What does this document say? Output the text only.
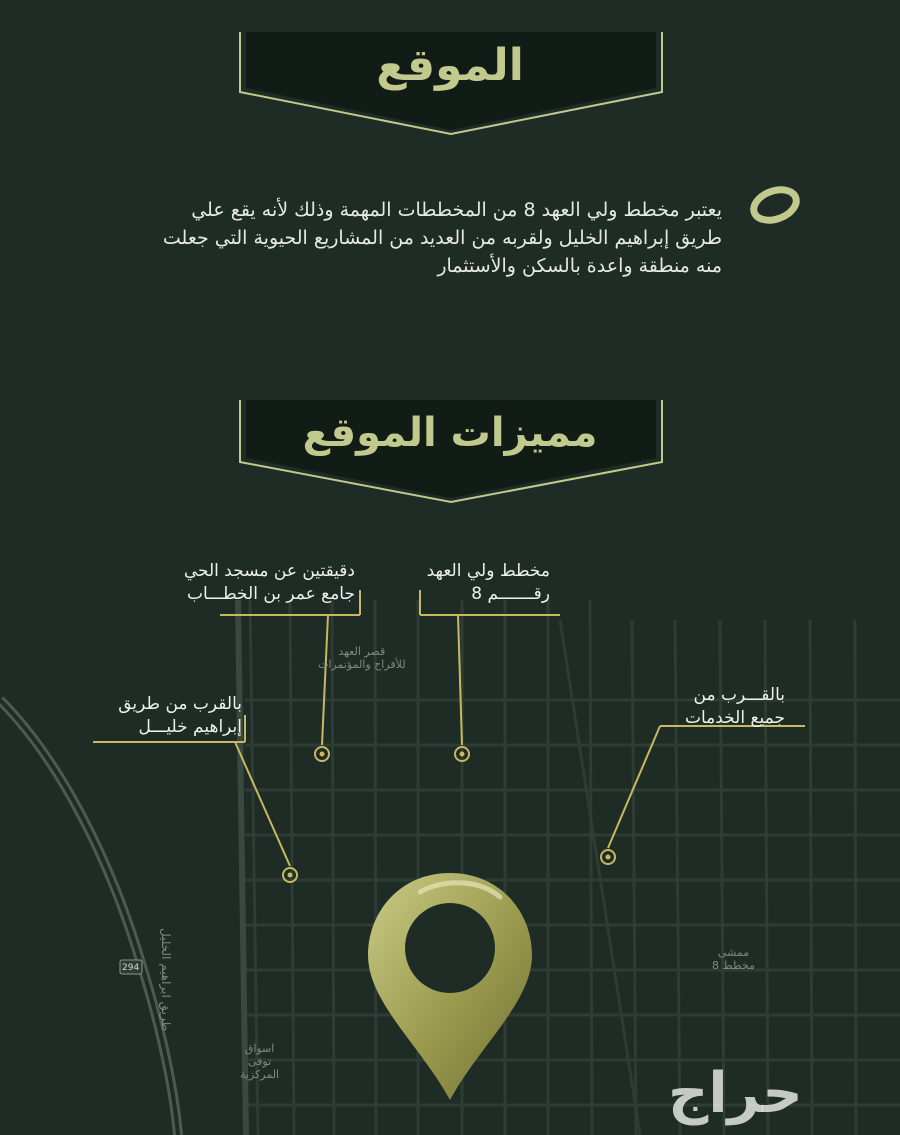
الموقع
يعتبر مخطط ولي العهد 8 من المخططات المهمة وذلك لأنه يقع علي طريق إبراهيم الخليل ولقربه من العديد من المشاريع الحيوية التي جعلت منه منطقة واعدة بالسكن والأستثمار
مميزات الموقع
دقيقتين عن مسجد الحي
جامع عمر بن الخطـــاب
مخطط ولي العهد
رقـــــــم 8
بالقرب من طريق
إبراهيم خليـــل
بالقـــرب من
جميع الخدمات
قصر العهد
للأفراح والمؤتمرات
طريق ابراهيم الخليل
294
ممشى
مخطط 8
اسواق
توفى
المركزية	حراج
